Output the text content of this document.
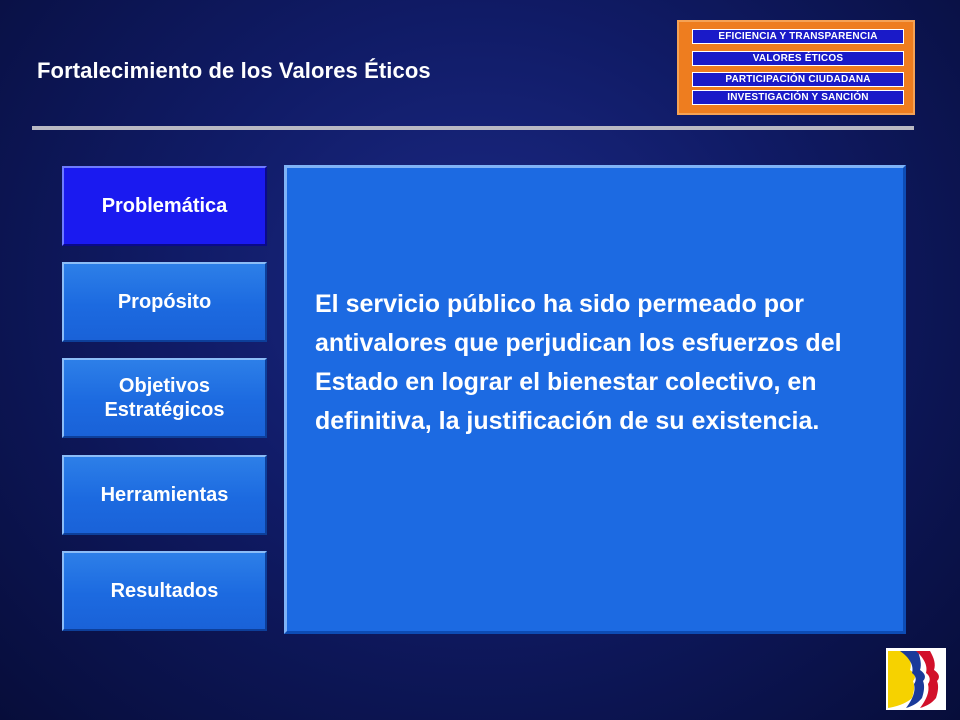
Fortalecimiento de los Valores Éticos
EFICIENCIA Y TRANSPARENCIA
VALORES ÉTICOS
PARTICIPACIÓN CIUDADANA
INVESTIGACIÓN Y SANCIÓN
Problemática
Propósito
Objetivos
Estratégicos
Herramientas
Resultados
El servicio público ha sido permeado por antivalores que perjudican los esfuerzos del Estado en lograr el bienestar colectivo, en definitiva, la justificación de su existencia.
